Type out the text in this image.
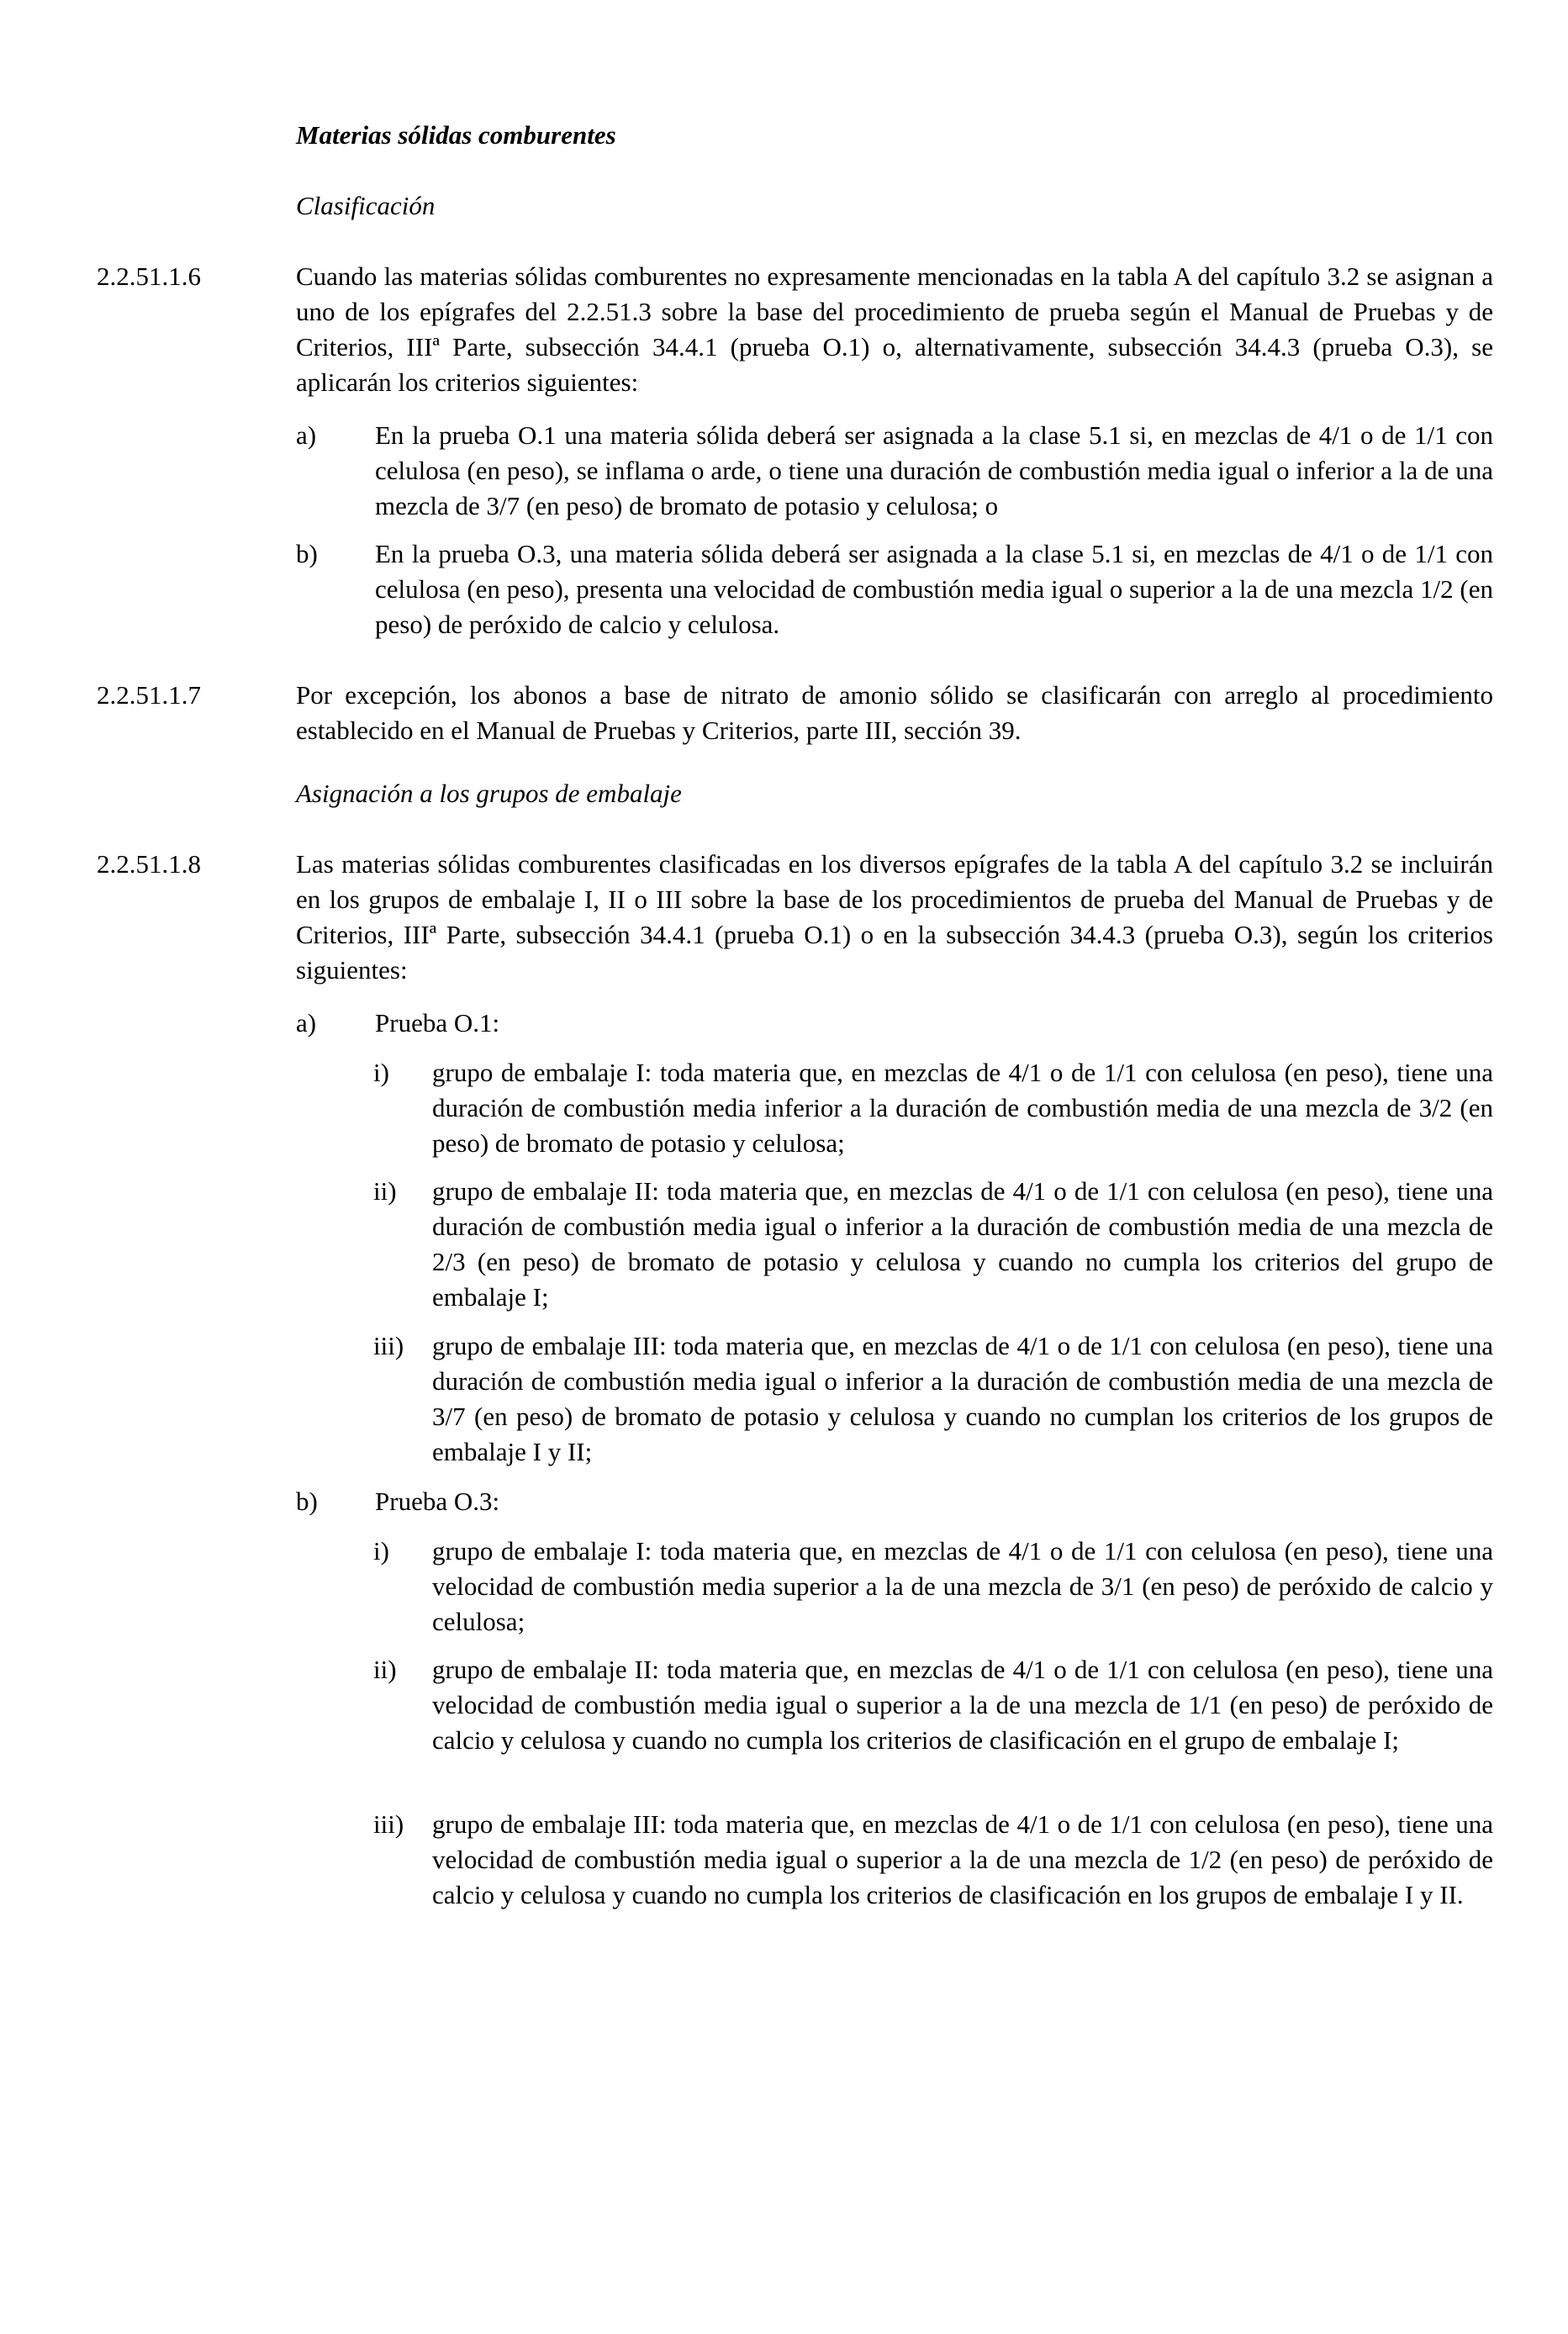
Materias sólidas comburentes

Clasificación

2.2.51.1.6	Cuando las materias sólidas comburentes no expresamente mencionadas en la tabla A del capítulo 3.2 se asignan a uno de los epígrafes del 2.2.51.3 sobre la base del procedimiento de prueba según el Manual de Pruebas y de Criterios, IIIª Parte, subsección 34.4.1 (prueba O.1) o, alternativamente, subsección 34.4.3 (prueba O.3), se aplicarán los criterios siguientes:

a) En la prueba O.1 una materia sólida deberá ser asignada a la clase 5.1 si, en mezclas de 4/1 o de 1/1 con celulosa (en peso), se inflama o arde, o tiene una duración de combustión media igual o inferior a la de una mezcla de 3/7 (en peso) de bromato de potasio y celulosa; o

b) En la prueba O.3, una materia sólida deberá ser asignada a la clase 5.1 si, en mezclas de 4/1 o de 1/1 con celulosa (en peso), presenta una velocidad de combustión media igual o superior a la de una mezcla 1/2 (en peso) de peróxido de calcio y celulosa.

2.2.51.1.7	Por excepción, los abonos a base de nitrato de amonio sólido se clasificarán con arreglo al procedimiento establecido en el Manual de Pruebas y Criterios, parte III, sección 39.

Asignación a los grupos de embalaje

2.2.51.1.8	Las materias sólidas comburentes clasificadas en los diversos epígrafes de la tabla A del capítulo 3.2 se incluirán en los grupos de embalaje I, II o III sobre la base de los procedimientos de prueba del Manual de Pruebas y de Criterios, IIIª Parte, subsección 34.4.1 (prueba O.1) o en la subsección 34.4.3 (prueba O.3), según los criterios siguientes:

a) Prueba O.1:

i) grupo de embalaje I: toda materia que, en mezclas de 4/1 o de 1/1 con celulosa (en peso), tiene una duración de combustión media inferior a la duración de combustión media de una mezcla de 3/2 (en peso) de bromato de potasio y celulosa;

ii) grupo de embalaje II: toda materia que, en mezclas de 4/1 o de 1/1 con celulosa (en peso), tiene una duración de combustión media igual o inferior a la duración de combustión media de una mezcla de 2/3 (en peso) de bromato de potasio y celulosa y cuando no cumpla los criterios del grupo de embalaje I;

iii) grupo de embalaje III: toda materia que, en mezclas de 4/1 o de 1/1 con celulosa (en peso), tiene una duración de combustión media igual o inferior a la duración de combustión media de una mezcla de 3/7 (en peso) de bromato de potasio y celulosa y cuando no cumplan los criterios de los grupos de embalaje I y II;

b) Prueba O.3:

i) grupo de embalaje I: toda materia que, en mezclas de 4/1 o de 1/1 con celulosa (en peso), tiene una velocidad de combustión media superior a la de una mezcla de 3/1 (en peso) de peróxido de calcio y celulosa;

ii) grupo de embalaje II: toda materia que, en mezclas de 4/1 o de 1/1 con celulosa (en peso), tiene una velocidad de combustión media igual o superior a la de una mezcla de 1/1 (en peso) de peróxido de calcio y celulosa y cuando no cumpla los criterios de clasificación en el grupo de embalaje I;

iii) grupo de embalaje III: toda materia que, en mezclas de 4/1 o de 1/1 con celulosa (en peso), tiene una velocidad de combustión media igual o superior a la de una mezcla de 1/2 (en peso) de peróxido de calcio y celulosa y cuando no cumpla los criterios de clasificación en los grupos de embalaje I y II.
